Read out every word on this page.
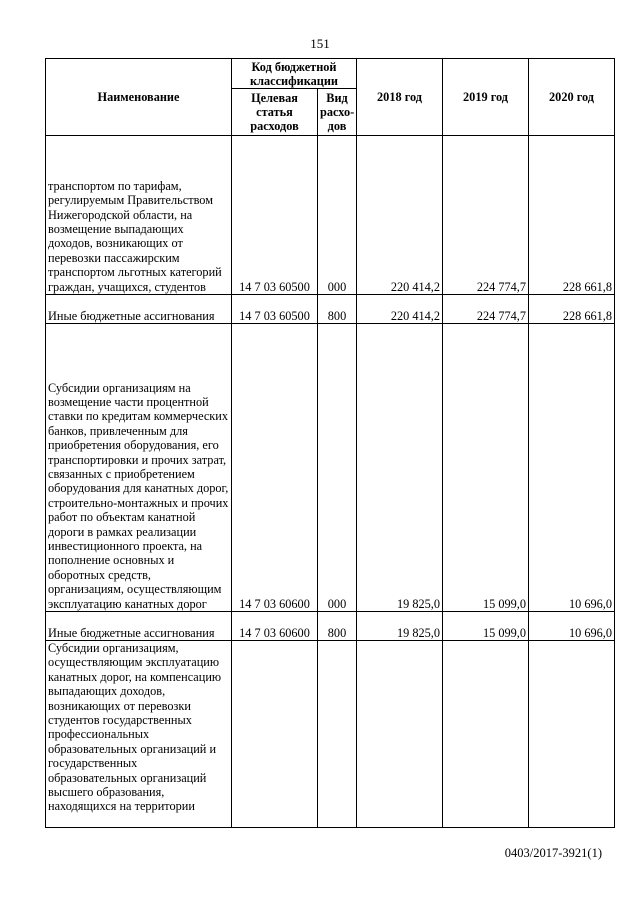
151
Наименование	Код бюджетной классификации		2018 год	2019 год	2020 год
	Целевая статья расходов	Вид расхо-дов			
транспортом по тарифам, регулируемым Правительством Нижегородской области, на возмещение выпадающих доходов, возникающих от перевозки пассажирским транспортом льготных категорий граждан, учащихся, студентов	14 7 03 60500	000	220 414,2	224 774,7	228 661,8
Иные бюджетные ассигнования	14 7 03 60500	800	220 414,2	224 774,7	228 661,8
Субсидии организациям на возмещение части процентной ставки по кредитам коммерческих банков, привлеченным для приобретения оборудования, его транспортировки и прочих затрат, связанных с приобретением оборудования для канатных дорог, строительно-монтажных и прочих работ по объектам канатной дороги в рамках реализации инвестиционного проекта, на пополнение основных и оборотных средств, организациям, осуществляющим эксплуатацию канатных дорог	14 7 03 60600	000	19 825,0	15 099,0	10 696,0
Иные бюджетные ассигнования	14 7 03 60600	800	19 825,0	15 099,0	10 696,0
Субсидии организациям, осуществляющим эксплуатацию канатных дорог, на компенсацию выпадающих доходов, возникающих от перевозки студентов государственных профессиональных образовательных организаций и государственных образовательных организаций высшего образования, находящихся на территории					
0403/2017-3921(1)
